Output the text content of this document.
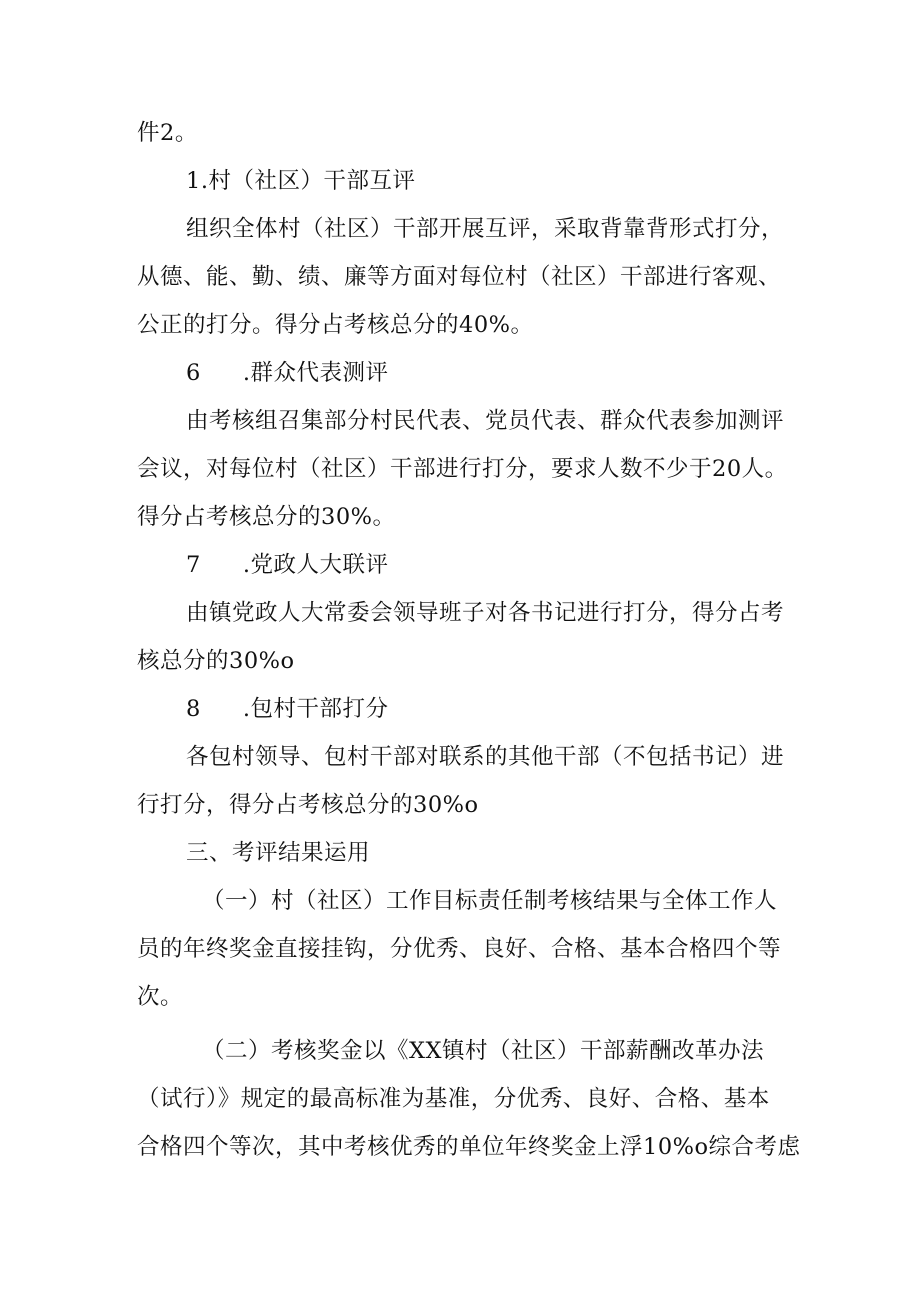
件2。
1.村（社区）干部互评
组织全体村（社区）干部开展互评，采取背靠背形式打分，
从德、能、勤、绩、廉等方面对每位村（社区）干部进行客观、
公正的打分。得分占考核总分的40%。
6 .群众代表测评
由考核组召集部分村民代表、党员代表、群众代表参加测评
会议，对每位村（社区）干部进行打分，要求人数不少于20人。
得分占考核总分的30%。
7 .党政人大联评
由镇党政人大常委会领导班子对各书记进行打分，得分占考
核总分的30%o
8 .包村干部打分
各包村领导、包村干部对联系的其他干部（不包括书记）进
行打分，得分占考核总分的30%o
三、考评结果运用
（一）村（社区）工作目标责任制考核结果与全体工作人
员的年终奖金直接挂钩，分优秀、良好、合格、基本合格四个等
次。
（二）考核奖金以《XX镇村（社区）干部薪酬改革办法
（试行）》规定的最高标准为基准，分优秀、良好、合格、基本
合格四个等次，其中考核优秀的单位年终奖金上浮10%o综合考虑
